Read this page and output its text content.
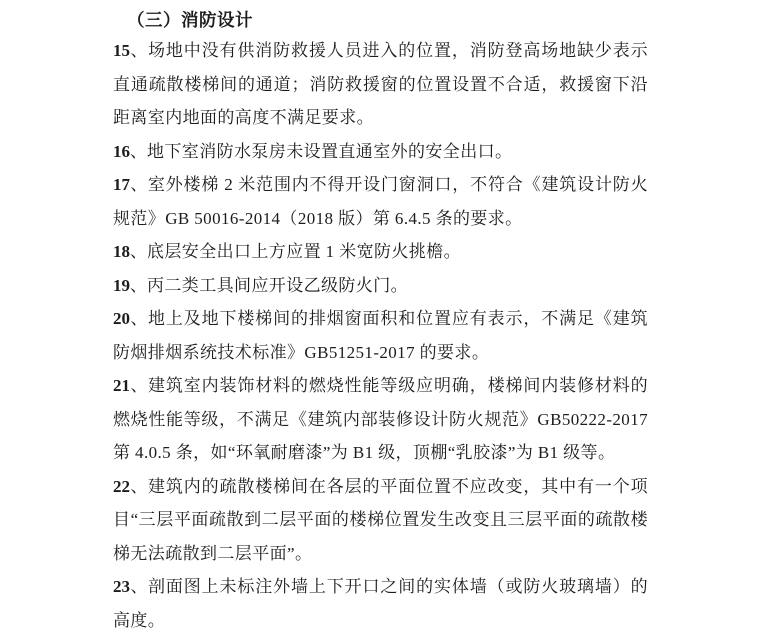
（三）消防设计

15、场地中没有供消防救援人员进入的位置，消防登高场地缺少表示直通疏散楼梯间的通道；消防救援窗的位置设置不合适，救援窗下沿距离室内地面的高度不满足要求。

16、地下室消防水泵房未设置直通室外的安全出口。

17、室外楼梯 2 米范围内不得开设门窗洞口，不符合《建筑设计防火规范》GB 50016-2014（2018 版）第 6.4.5 条的要求。

18、底层安全出口上方应置 1 米宽防火挑檐。

19、丙二类工具间应开设乙级防火门。

20、地上及地下楼梯间的排烟窗面积和位置应有表示，不满足《建筑防烟排烟系统技术标准》GB51251-2017 的要求。

21、建筑室内装饰材料的燃烧性能等级应明确，楼梯间内装修材料的燃烧性能等级，不满足《建筑内部装修设计防火规范》GB50222-2017 第 4.0.5 条，如“环氧耐磨漆”为 B1 级，顶棚“乳胶漆”为 B1 级等。

22、建筑内的疏散楼梯间在各层的平面位置不应改变，其中有一个项目“三层平面疏散到二层平面的楼梯位置发生改变且三层平面的疏散楼梯无法疏散到二层平面”。

23、剖面图上未标注外墙上下开口之间的实体墙（或防火玻璃墙）的高度。
